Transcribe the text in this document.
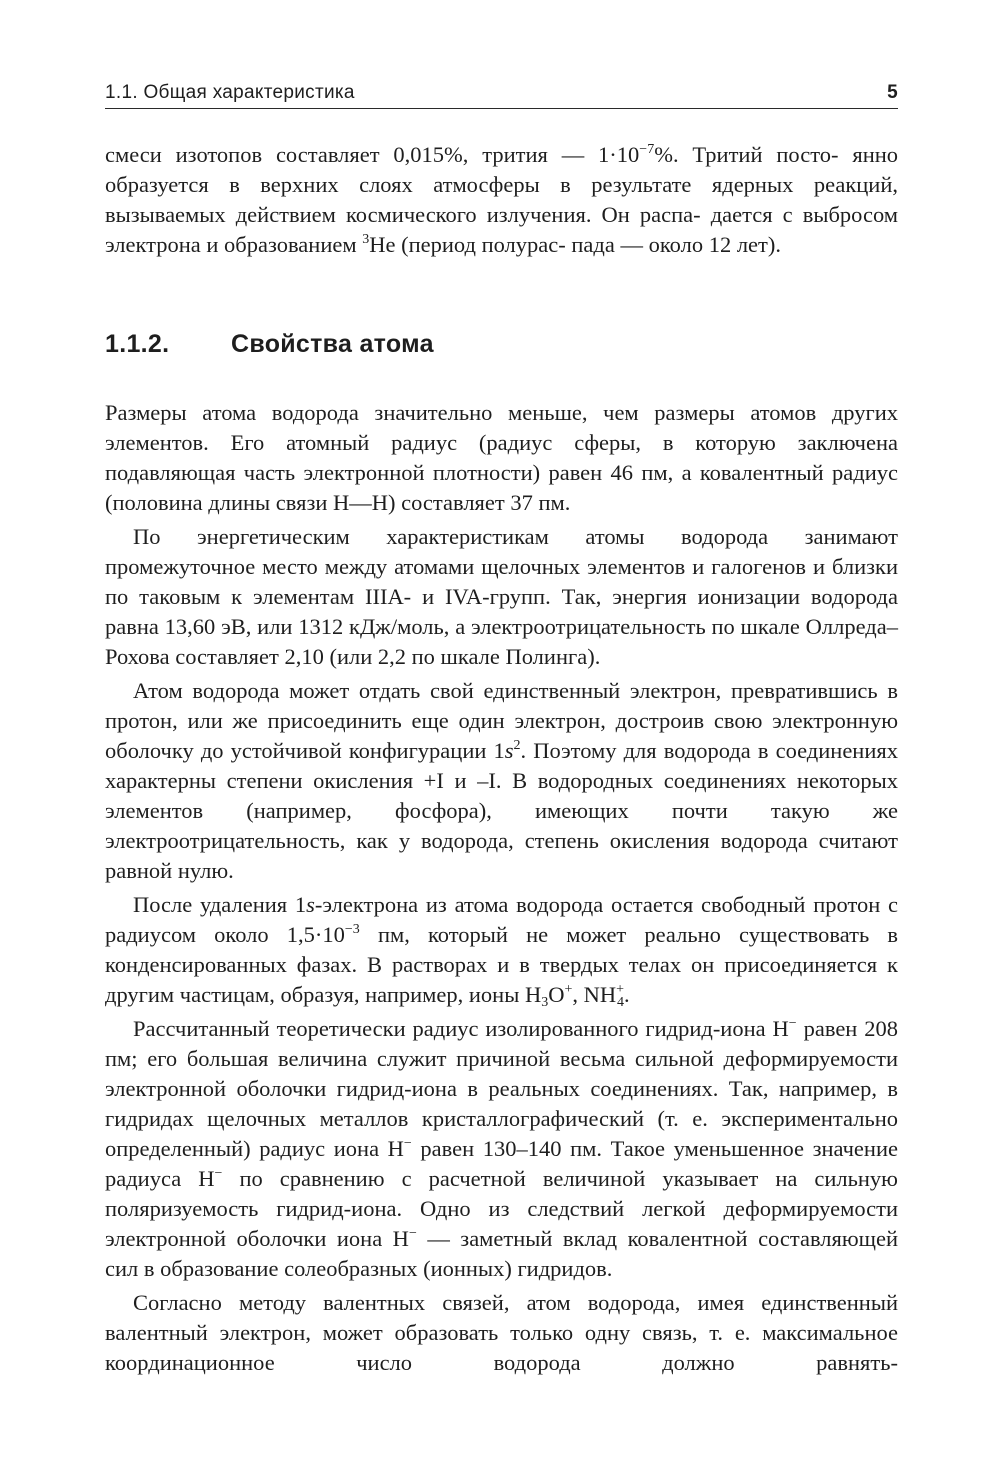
1.1. Общая характеристика	5

смеси изотопов составляет 0,015%, трития — $1\cdot 10^{-7}\%$. Тритий посто- янно образуется в верхних слоях атмосферы в результате ядерных реакций, вызываемых действием космического излучения. Он распа- дается с выбросом электрона и образованием $^3$He (период полурас- пада — около 12 лет).

1.1.2. Свойства атома

Размеры атома водорода значительно меньше, чем размеры атомов других элементов. Его атомный радиус (радиус сферы, в которую заключена подавляющая часть электронной плотности) равен 46 пм, а ковалентный радиус (половина длины связи Н—Н) составляет 37 пм.

По энергетическим характеристикам атомы водорода занимают промежуточное место между атомами щелочных элементов и галогенов и близки по таковым к элементам IIIA- и IVA-групп. Так, энергия ионизации водорода равна 13,60 эВ, или 1312 кДж/моль, а электроотрицательность по шкале Оллреда–Рохова составляет 2,10 (или 2,2 по шкале Полинга).

Атом водорода может отдать свой единственный электрон, превратившись в протон, или же присоединить еще один электрон, достроив свою электронную оболочку до устойчивой конфигурации $1s^2$. Поэтому для водорода в соединениях характерны степени окисления +I и –I. В водородных соединениях некоторых элементов (например, фосфора), имеющих почти такую же электроотрицательность, как у водорода, степень окисления водорода считают равной нулю.

После удаления 1s-электрона из атома водорода остается свободный протон с радиусом около $1,5\cdot 10^{-3}$ пм, который не может реально существовать в конденсированных фазах. В растворах и в твердых телах он присоединяется к другим частицам, образуя, например, ионы $H_3O^+$, $NH^+_4$.

Рассчитанный теоретически радиус изолированного гидрид-иона H− равен 208 пм; его большая величина служит причиной весьма сильной деформируемости электронной оболочки гидрид-иона в реальных соединениях. Так, например, в гидридах щелочных металлов кристаллографический (т. е. экспериментально определенный) радиус иона H− равен 130–140 пм. Такое уменьшенное значение радиуса H− по сравнению с расчетной величиной указывает на сильную поляризуемость гидрид-иона. Одно из следствий легкой деформируемости электронной оболочки иона H− — заметный вклад ковалентной составляющей сил в образование солеобразных (ионных) гидридов.

Согласно методу валентных связей, атом водорода, имея единственный валентный электрон, может образовать только одну связь, т. е. максимальное координационное число водорода должно равнять-
